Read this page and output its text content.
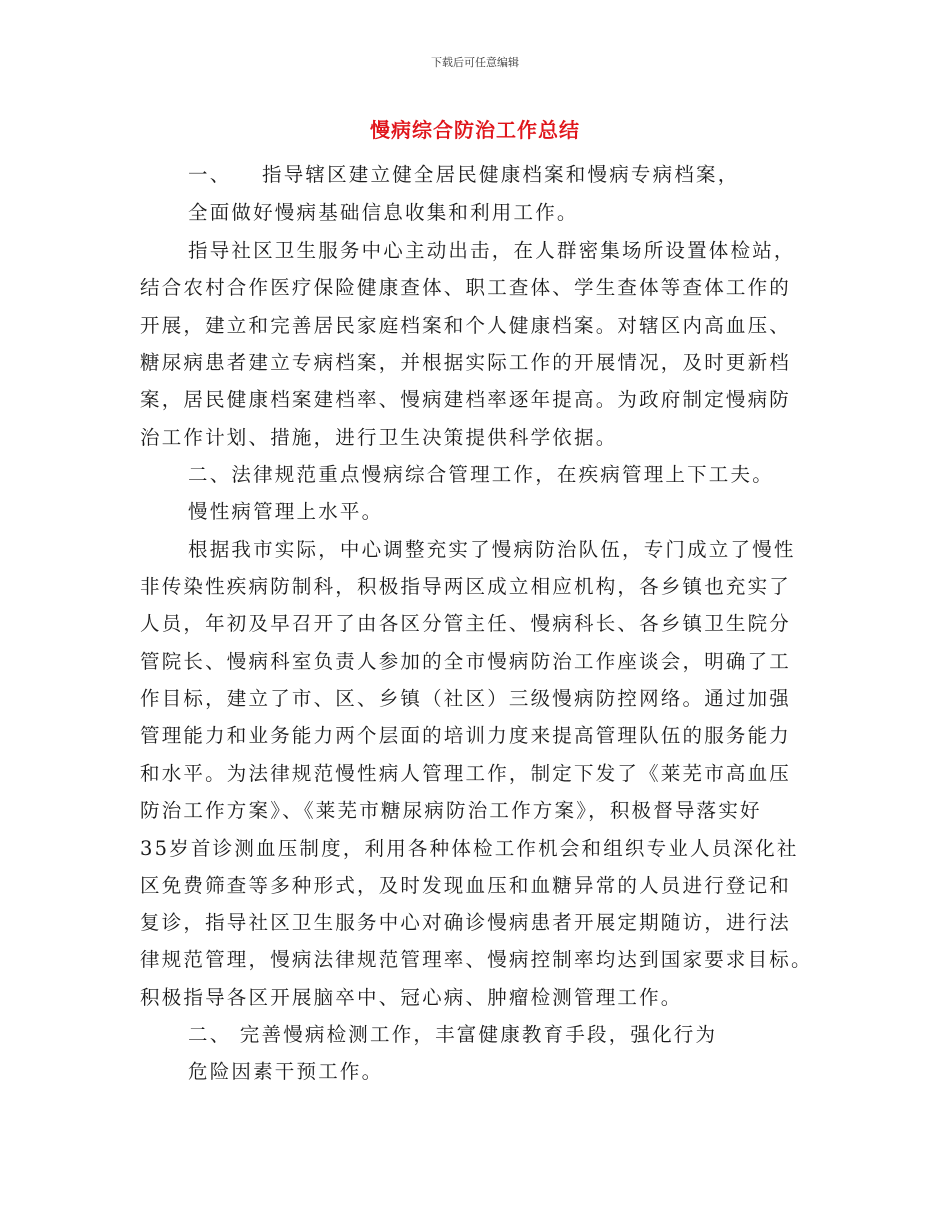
下载后可任意编辑
慢病综合防治工作总结
一、 指导辖区建立健全居民健康档案和慢病专病档案，
全面做好慢病基础信息收集和利用工作。
指导社区卫生服务中心主动出击，在人群密集场所设置体检站，
结合农村合作医疗保险健康查体、职工查体、学生查体等查体工作的
开展，建立和完善居民家庭档案和个人健康档案。对辖区内高血压、
糖尿病患者建立专病档案，并根据实际工作的开展情况，及时更新档
案，居民健康档案建档率、慢病建档率逐年提高。为政府制定慢病防
治工作计划、措施，进行卫生决策提供科学依据。
二、法律规范重点慢病综合管理工作，在疾病管理上下工夫。
慢性病管理上水平。
根据我市实际，中心调整充实了慢病防治队伍，专门成立了慢性
非传染性疾病防制科，积极指导两区成立相应机构，各乡镇也充实了
人员，年初及早召开了由各区分管主任、慢病科长、各乡镇卫生院分
管院长、慢病科室负责人参加的全市慢病防治工作座谈会，明确了工
作目标，建立了市、区、乡镇（社区）三级慢病防控网络。通过加强
管理能力和业务能力两个层面的培训力度来提高管理队伍的服务能力
和水平。为法律规范慢性病人管理工作，制定下发了《莱芜市高血压
防治工作方案》、《莱芜市糖尿病防治工作方案》，积极督导落实好
35岁首诊测血压制度，利用各种体检工作机会和组织专业人员深化社
区免费筛查等多种形式，及时发现血压和血糖异常的人员进行登记和
复诊，指导社区卫生服务中心对确诊慢病患者开展定期随访，进行法
律规范管理，慢病法律规范管理率、慢病控制率均达到国家要求目标。
积极指导各区开展脑卒中、冠心病、肿瘤检测管理工作。
二、 完善慢病检测工作，丰富健康教育手段，强化行为
危险因素干预工作。
